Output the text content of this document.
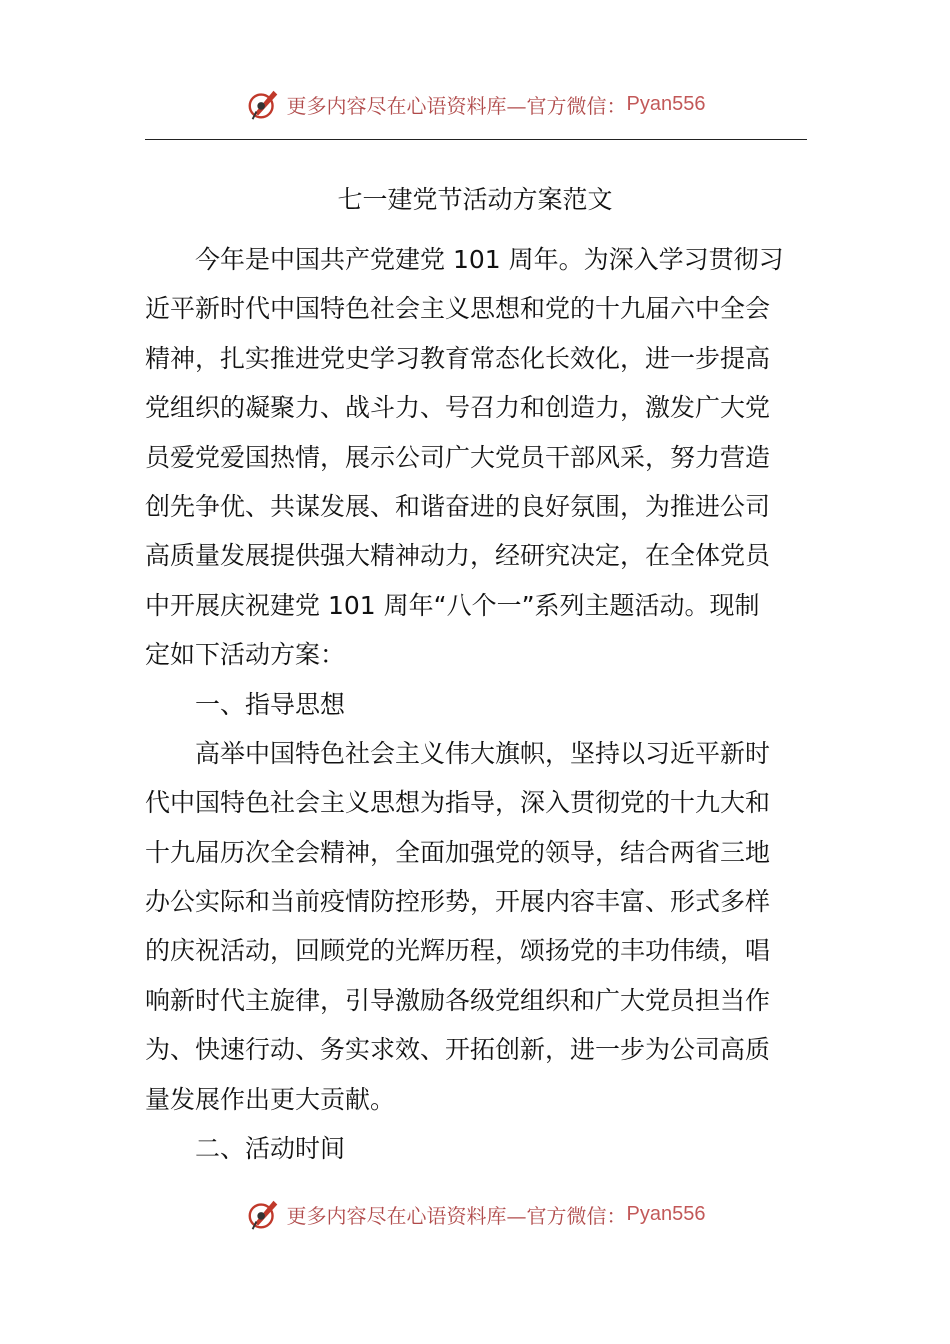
更多内容尽在心语资料库—官方微信： Pyan556
七一建党节活动方案范文
今年是中国共产党建党 101 周年。为深入学习贯彻习
近平新时代中国特色社会主义思想和党的十九届六中全会
精神，扎实推进党史学习教育常态化长效化，进一步提高
党组织的凝聚力、战斗力、号召力和创造力，激发广大党
员爱党爱国热情，展示公司广大党员干部风采，努力营造
创先争优、共谋发展、和谐奋进的良好氛围，为推进公司
高质量发展提供强大精神动力，经研究决定，在全体党员
中开展庆祝建党 101 周年“八个一”系列主题活动。现制
定如下活动方案：
一、指导思想
高举中国特色社会主义伟大旗帜，坚持以习近平新时
代中国特色社会主义思想为指导，深入贯彻党的十九大和
十九届历次全会精神，全面加强党的领导，结合两省三地
办公实际和当前疫情防控形势，开展内容丰富、形式多样
的庆祝活动，回顾党的光辉历程，颂扬党的丰功伟绩，唱
响新时代主旋律，引导激励各级党组织和广大党员担当作
为、快速行动、务实求效、开拓创新，进一步为公司高质
量发展作出更大贡献。
二、活动时间
更多内容尽在心语资料库—官方微信： Pyan556
